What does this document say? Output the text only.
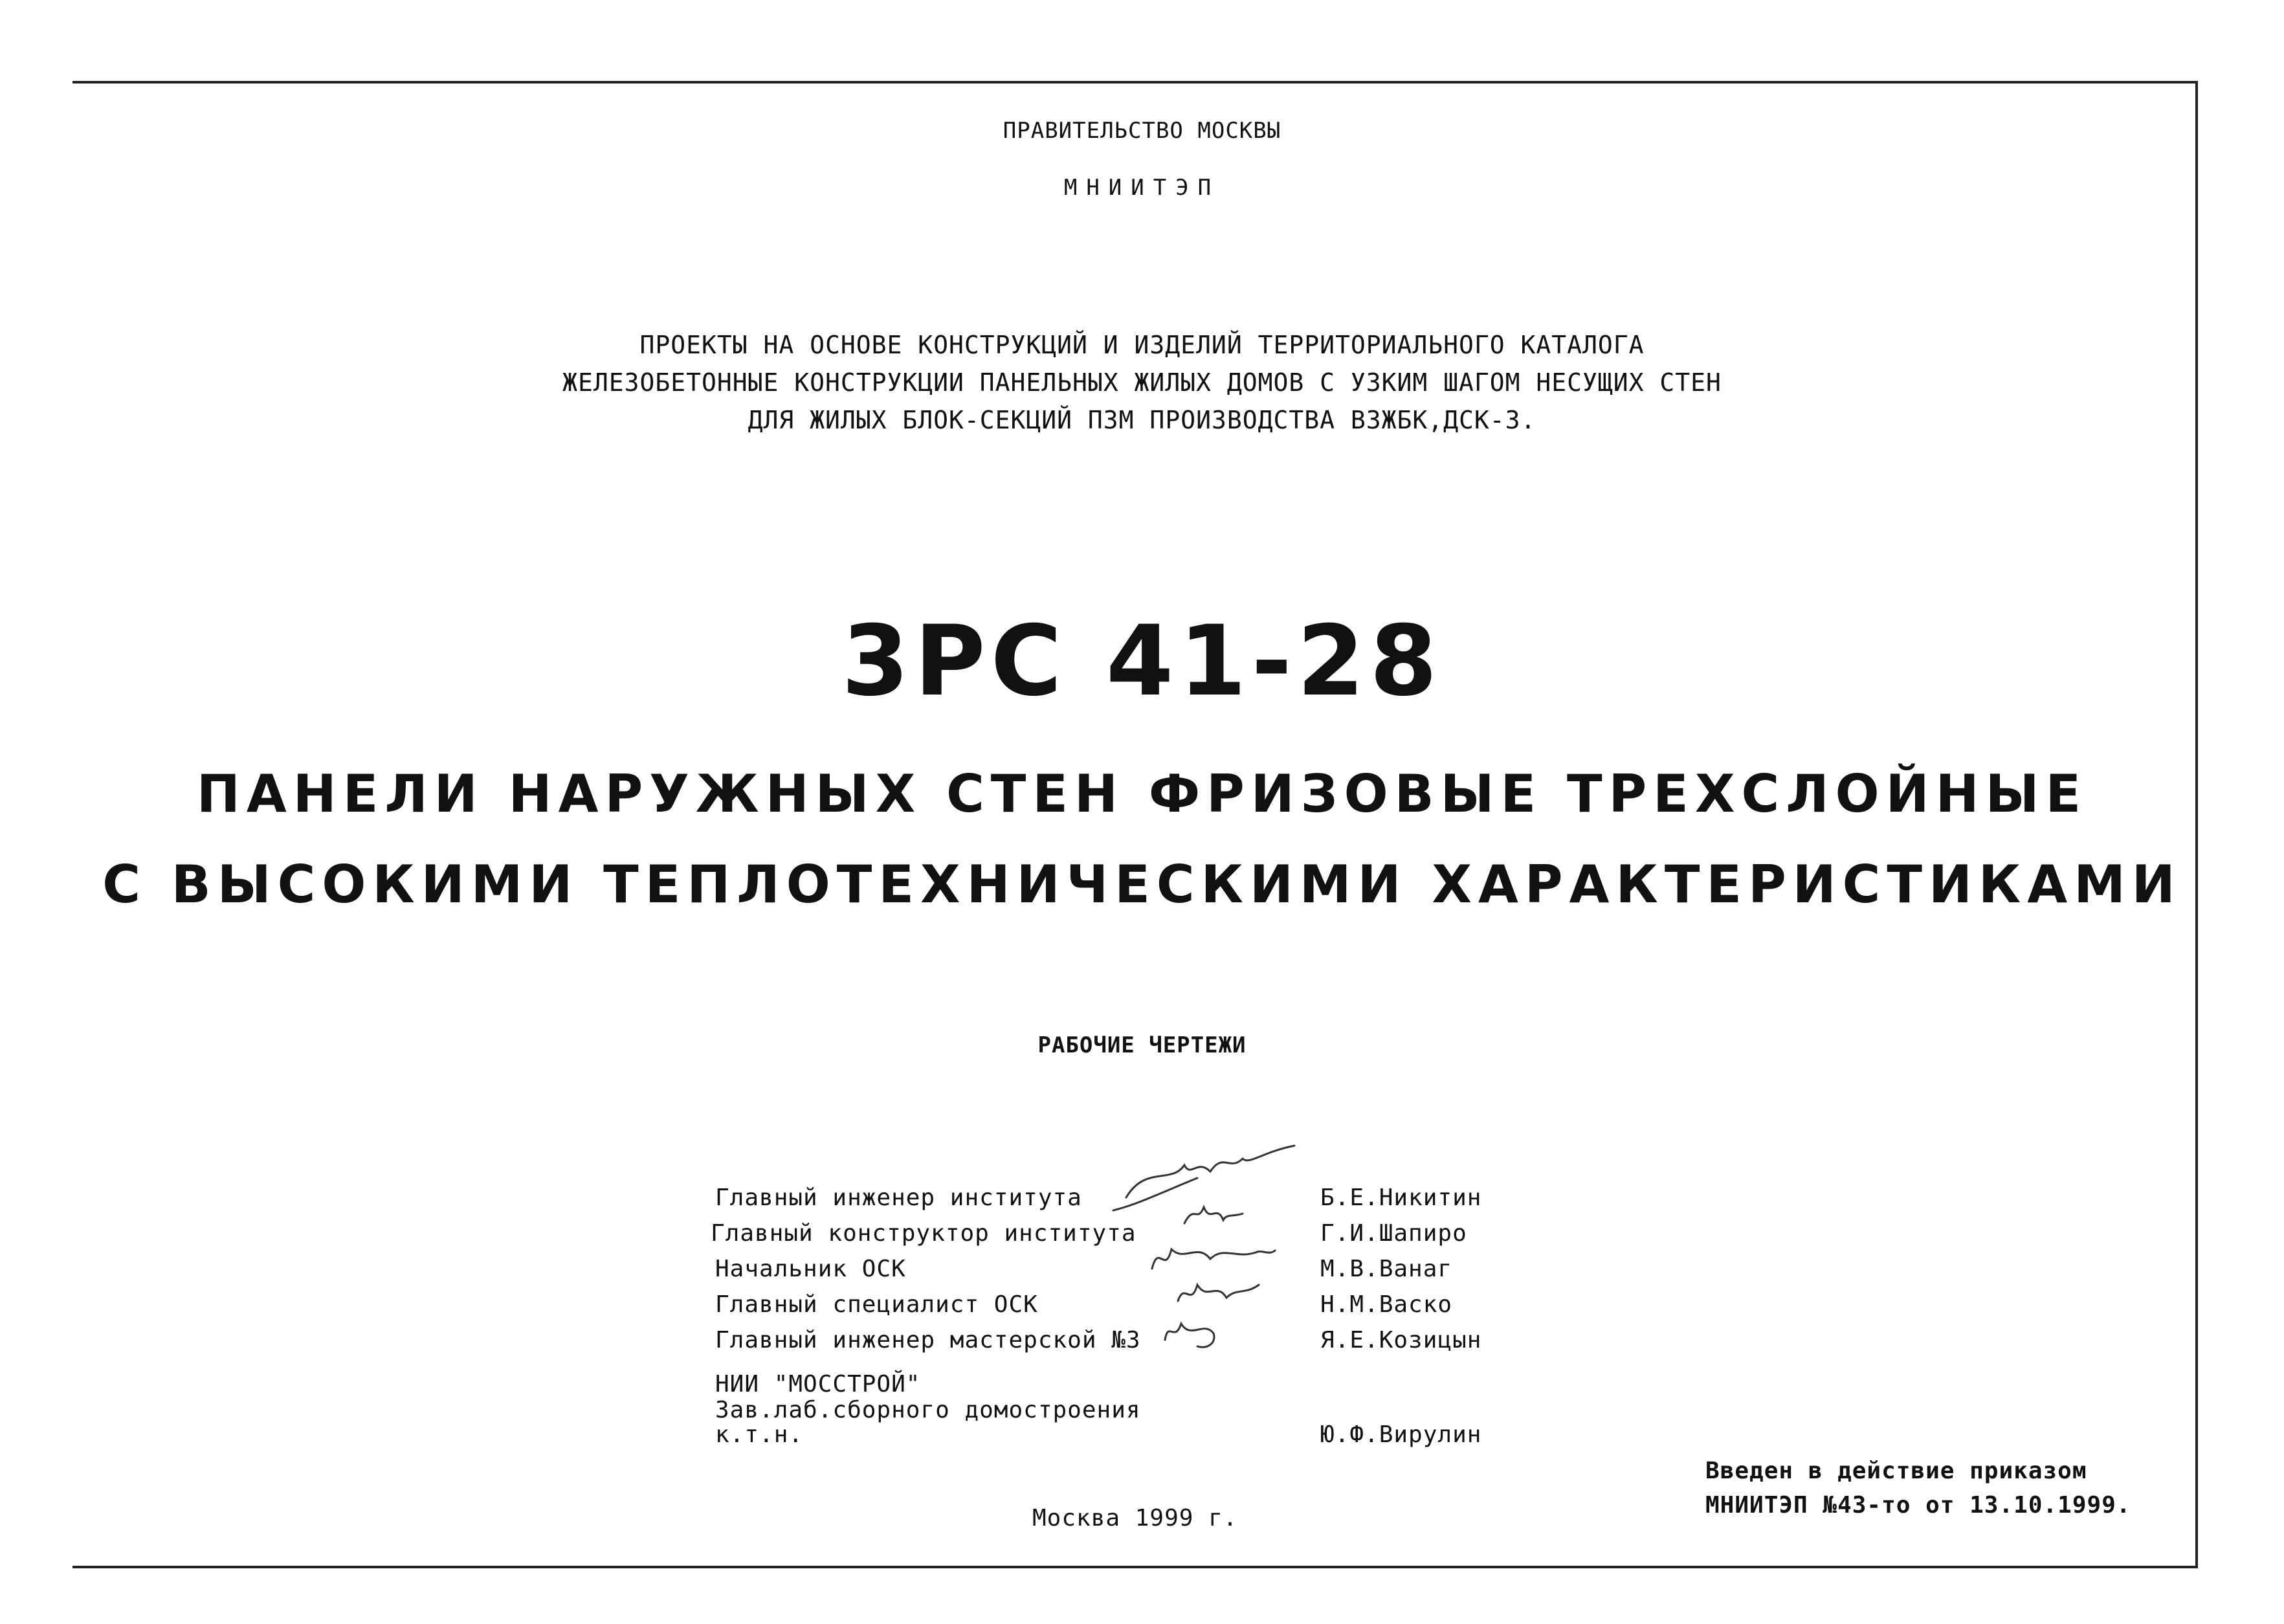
ПРАВИТЕЛЬСТВО МОСКВЫ
МНИИТЭП
ПРОЕКТЫ НА ОСНОВЕ КОНСТРУКЦИЙ И ИЗДЕЛИЙ ТЕРРИТОРИАЛЬНОГО КАТАЛОГА
ЖЕЛЕЗОБЕТОННЫЕ КОНСТРУКЦИИ ПАНЕЛЬНЫХ ЖИЛЫХ ДОМОВ С УЗКИМ ШАГОМ НЕСУЩИХ СТЕН
ДЛЯ ЖИЛЫХ БЛОК-СЕКЦИЙ П3М ПРОИЗВОДСТВА ВЗЖБК,ДСК-3.
3РС 41-28
ПАНЕЛИ НАРУЖНЫХ СТЕН ФРИЗОВЫЕ ТРЕХСЛОЙНЫЕ
С ВЫСОКИМИ ТЕПЛОТЕХНИЧЕСКИМИ ХАРАКТЕРИСТИКАМИ
РАБОЧИЕ ЧЕРТЕЖИ
Главный инженер института	Б.Е.Никитин
Главный конструктор института	Г.И.Шапиро
Начальник ОСК	М.В.Ванаг
Главный специалист ОСК	Н.М.Васко
Главный инженер мастерской №3	Я.Е.Козицын
НИИ "МОССТРОЙ"
Зав.лаб.сборного домостроения
к.т.н.	Ю.Ф.Вирулин
Москва 1999 г.
Введен в действие приказом
МНИИТЭП №43-то от 13.10.1999.
